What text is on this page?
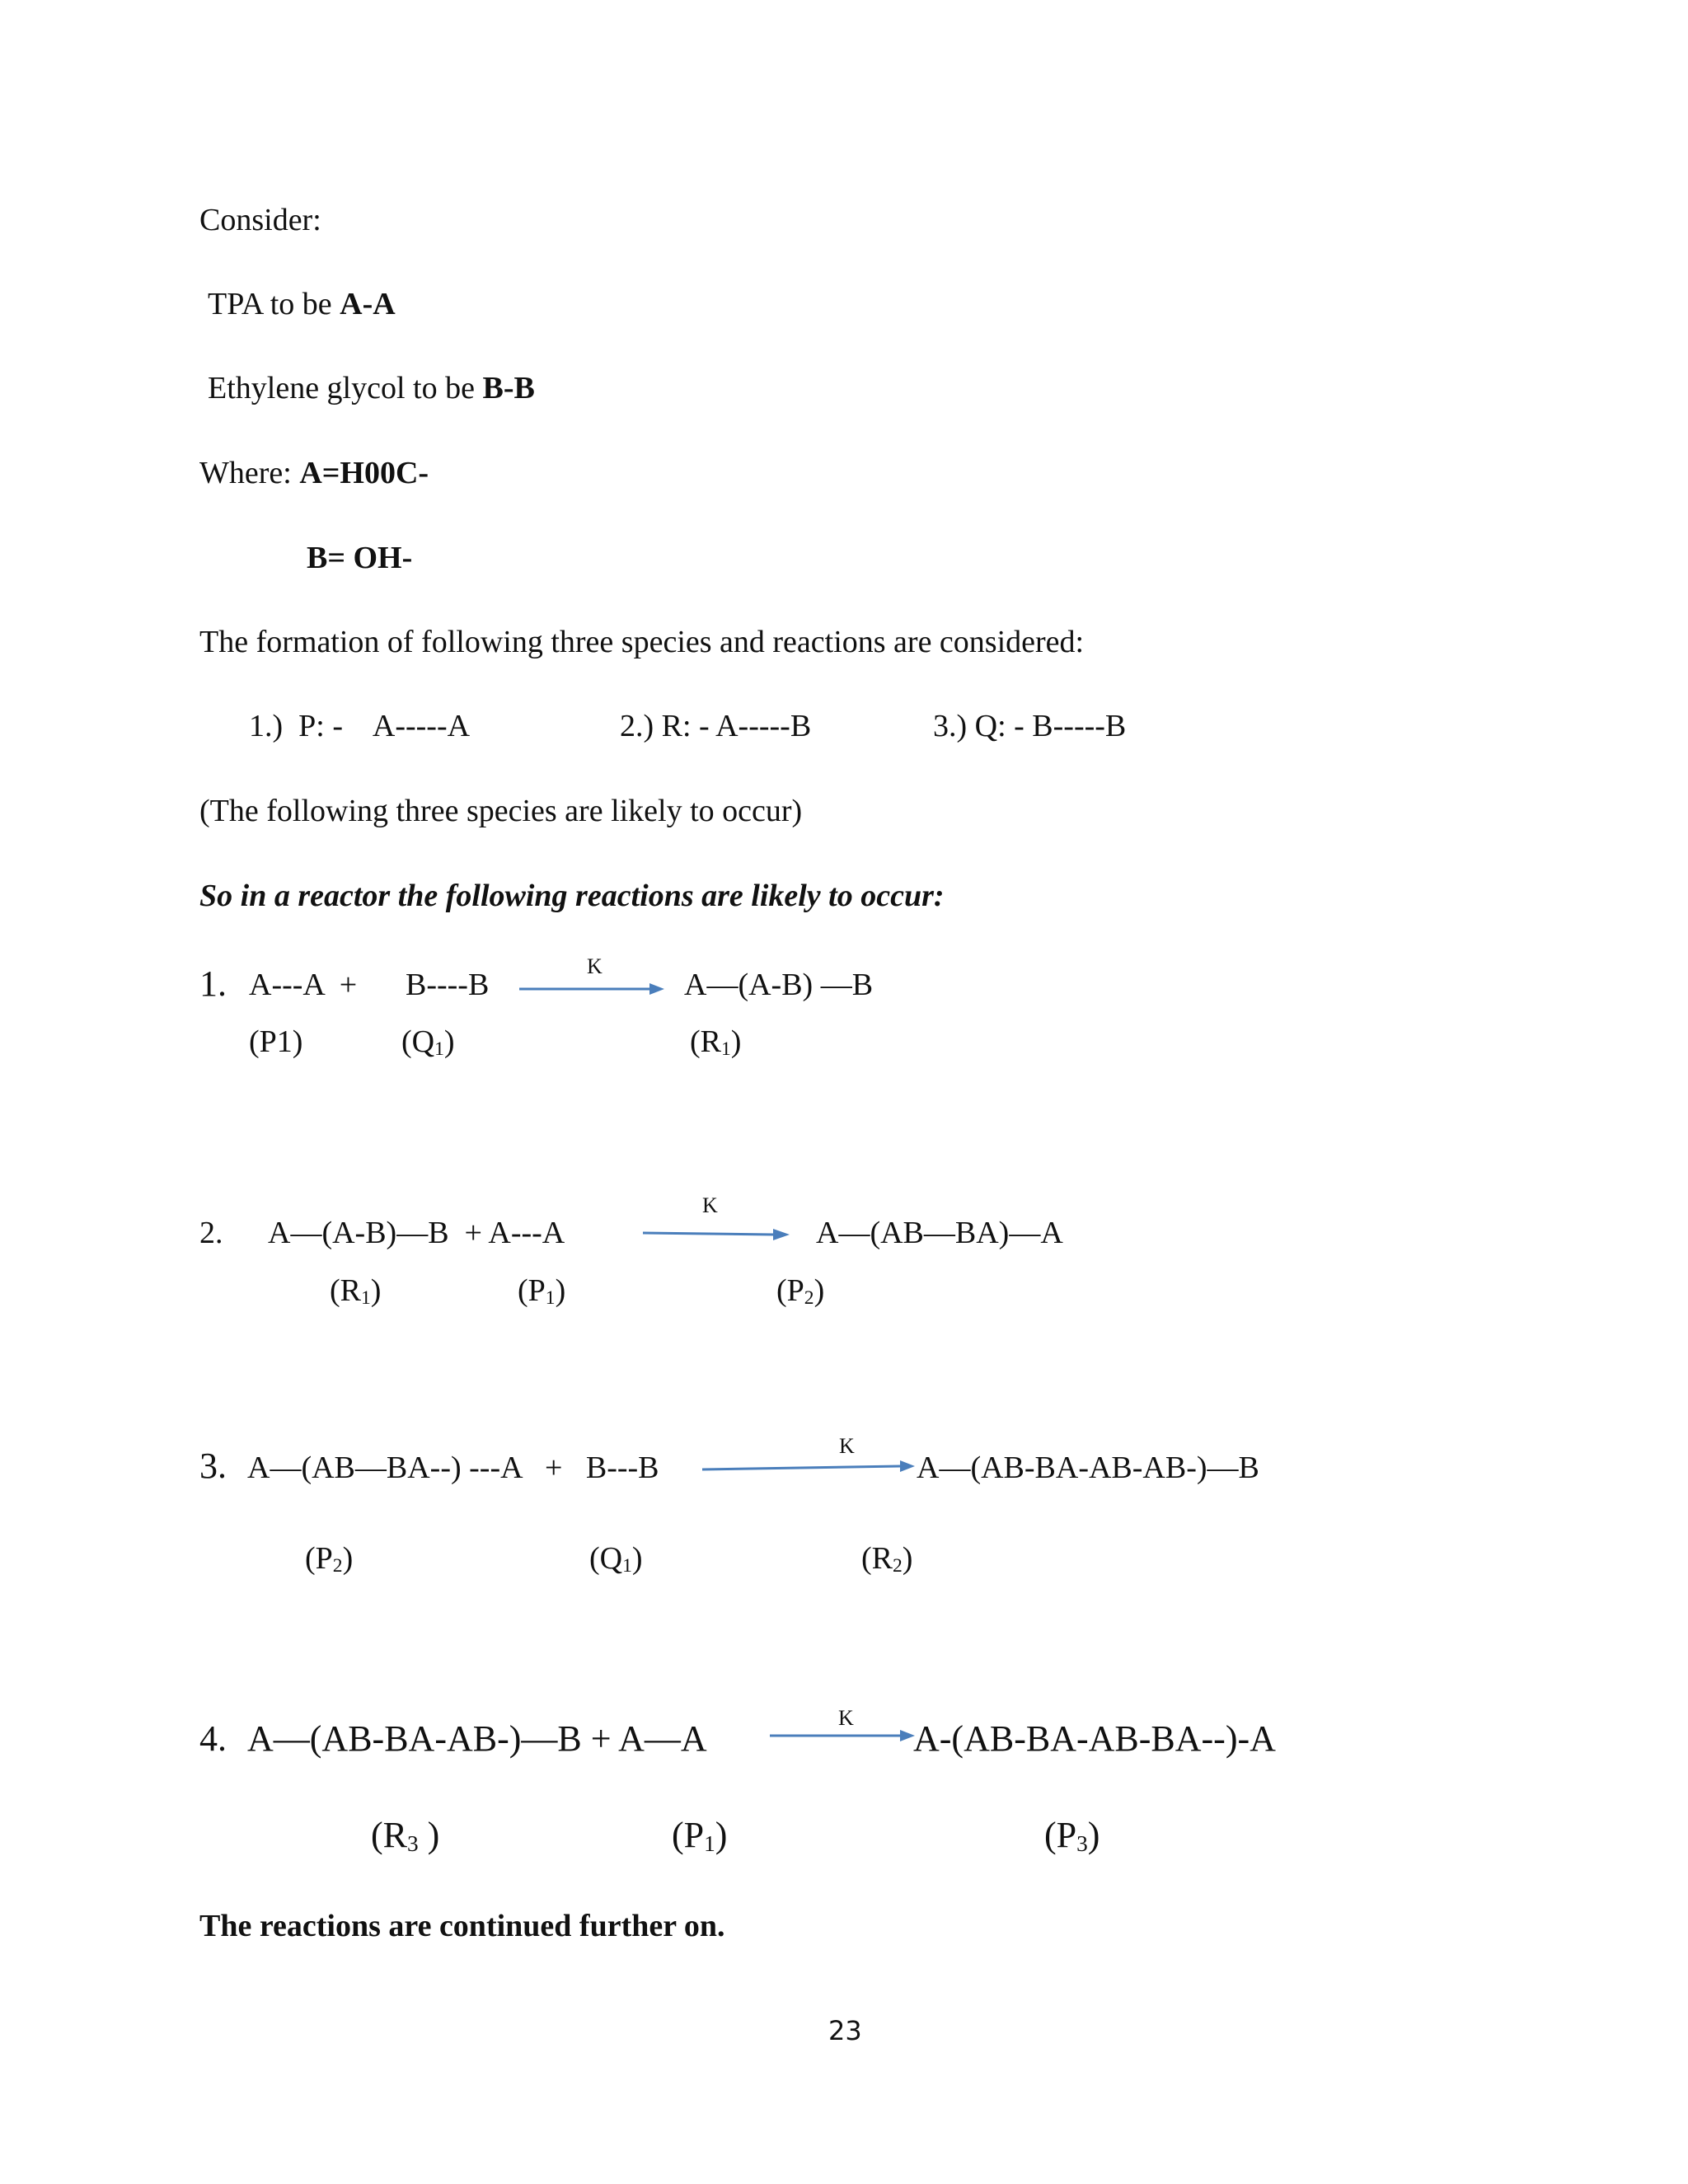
Consider:
TPA to be A-A
Ethylene glycol to be B-B
Where: A=H00C-
B= OH-
The formation of following three species and reactions are considered:
1.)  P: -    A-----A	2.) R: - A-----B	3.) Q: - B-----B
(The following three species are likely to occur)
So in a reactor the following reactions are likely to occur:
1. A---A  + B----B
K
A—(A-B) —B
(P1)	$(Q_1)$	$(R_1)$
2. A—(A-B)—B  + A---A
K
A—(AB—BA)—A
$(R_1)$	$(P_1)$	$(P_2)$
3. A—(AB—BA--) ---A   +   B---B
K
A—(AB-BA-AB-AB-)—B
$(P_2)$	$(Q_1)$	$(R_2)$
4. A—(AB-BA-AB-)—B + A—A
K
A-(AB-BA-AB-BA--)-A
($R_3$ )	$(P_1)$	$(P_3)$
The reactions are continued further on.
23
